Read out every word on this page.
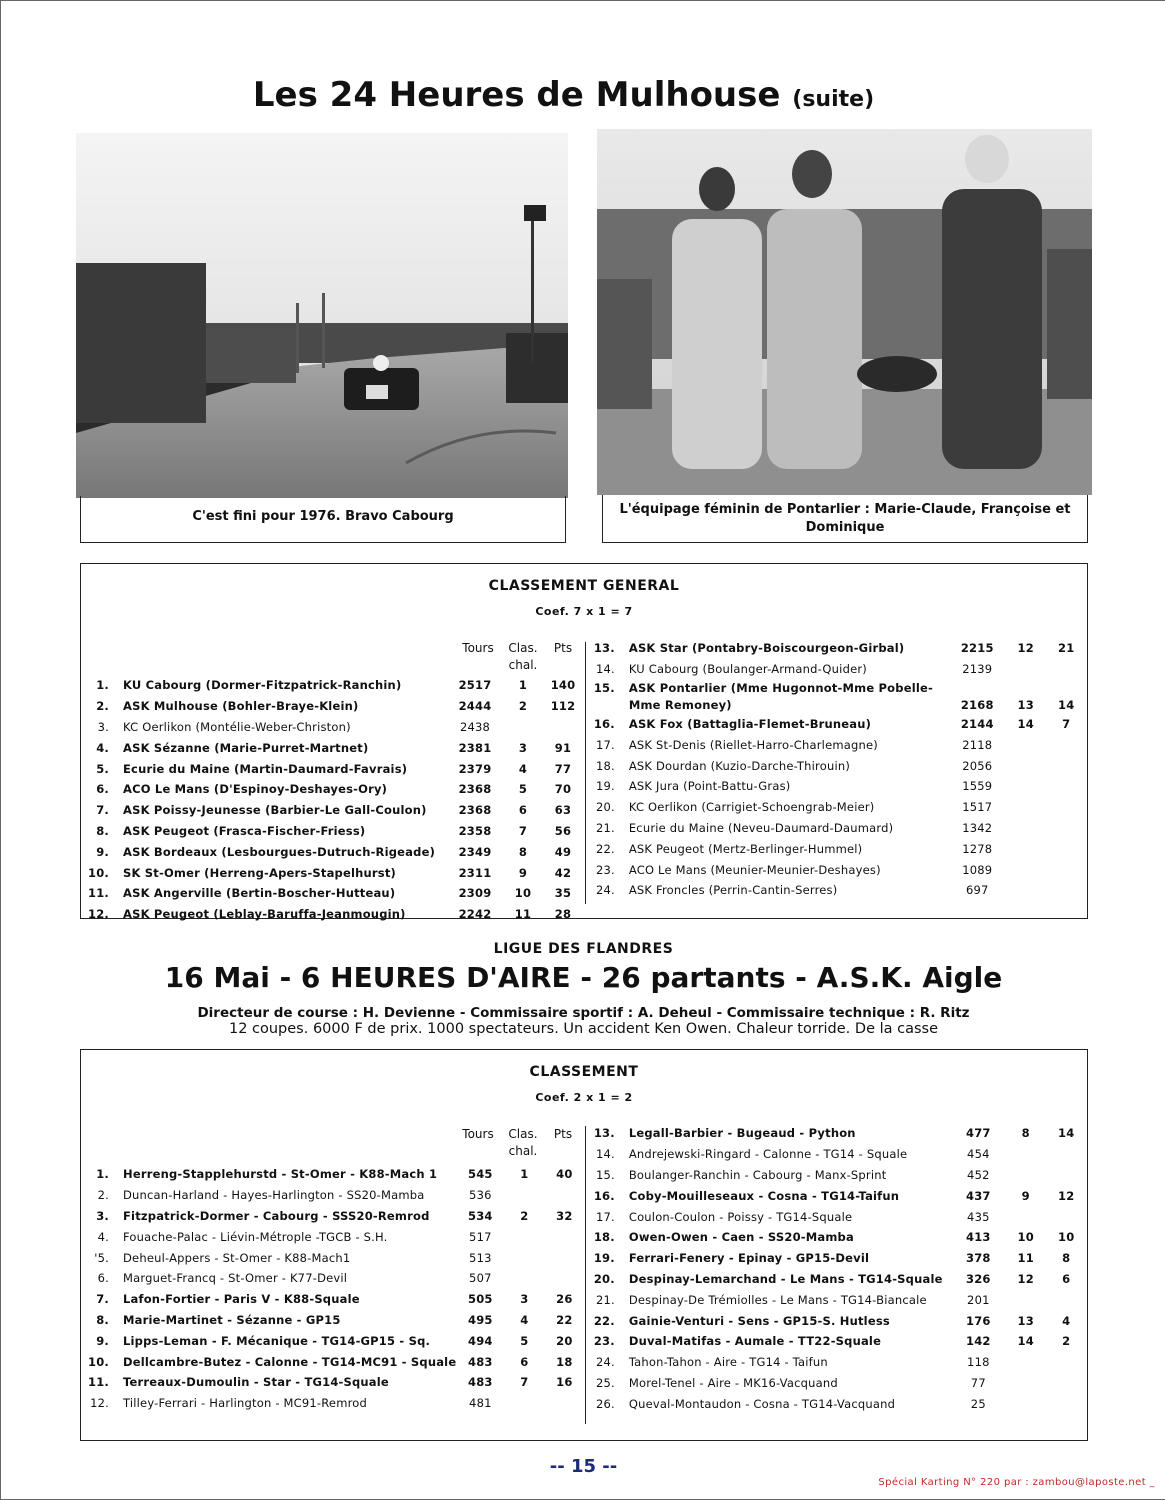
Les 24 Heures de Mulhouse (suite)
C'est fini pour 1976. Bravo Cabourg	L'équipage féminin de Pontarlier : Marie-Claude, Françoise et Dominique
CLASSEMENT GENERAL
Coef. 7 x 1 = 7
Tours	Clas. chal.
Pts
1.	KU Cabourg (Dormer-Fitzpatrick-Ranchin)	2517	1	140
2.	ASK Mulhouse (Bohler-Braye-Klein)	2444	2	112
3.	KC Oerlikon (Montélie-Weber-Christon)	2438		
4.	ASK Sézanne (Marie-Purret-Martnet)	2381	3	91
5.	Ecurie du Maine (Martin-Daumard-Favrais)	2379	4	77
6.	ACO Le Mans (D'Espinoy-Deshayes-Ory)	2368	5	70
7.	ASK Poissy-Jeunesse (Barbier-Le Gall-Coulon)	2368	6	63
8.	ASK Peugeot (Frasca-Fischer-Friess)	2358	7	56
9.	ASK Bordeaux (Lesbourgues-Dutruch-Rigeade)	2349	8	49
10.	SK St-Omer (Herreng-Apers-Stapelhurst)	2311	9	42
11.	ASK Angerville (Bertin-Boscher-Hutteau)	2309	10	35
12.	ASK Peugeot (Leblay-Baruffa-Jeanmougin)	2242	11	28
13.	ASK Star (Pontabry-Boiscourgeon-Girbal)	2215	12	21
14.	KU Cabourg (Boulanger-Armand-Quider)	2139		
15.	ASK Pontarlier (Mme Hugonnot-Mme Pobelle-			
	Mme Remoney)	2168	13	14
16.	ASK Fox (Battaglia-Flemet-Bruneau)	2144	14	7
17.	ASK St-Denis (Riellet-Harro-Charlemagne)	2118		
18.	ASK Dourdan (Kuzio-Darche-Thirouin)	2056		
19.	ASK Jura (Point-Battu-Gras)	1559		
20.	KC Oerlikon (Carrigiet-Schoengrab-Meier)	1517		
21.	Ecurie du Maine (Neveu-Daumard-Daumard)	1342		
22.	ASK Peugeot (Mertz-Berlinger-Hummel)	1278		
23.	ACO Le Mans (Meunier-Meunier-Deshayes)	1089		
24.	ASK Froncles (Perrin-Cantin-Serres)	697		
LIGUE DES FLANDRES
16 Mai - 6 HEURES D'AIRE - 26 partants - A.S.K. Aigle
Directeur de course : H. Devienne - Commissaire sportif : A. Deheul - Commissaire technique : R. Ritz
12 coupes. 6000 F de prix. 1000 spectateurs. Un accident Ken Owen. Chaleur torride. De la casse
CLASSEMENT
Coef. 2 x 1 = 2
Tours	Clas. chal.
Pts
1.	Herreng-Stapplehurstd - St-Omer - K88-Mach 1	545	1	40
2.	Duncan-Harland - Hayes-Harlington - SS20-Mamba	536		
3.	Fitzpatrick-Dormer - Cabourg - SSS20-Remrod	534	2	32
4.	Fouache-Palac - Liévin-Métrople -TGCB - S.H.	517		
'5.	Deheul-Appers - St-Omer - K88-Mach1	513		
6.	Marguet-Francq - St-Omer - K77-Devil	507		
7.	Lafon-Fortier - Paris V - K88-Squale	505	3	26
8.	Marie-Martinet - Sézanne - GP15	495	4	22
9.	Lipps-Leman - F. Mécanique - TG14-GP15 - Sq.	494	5	20
10.	Dellcambre-Butez - Calonne - TG14-MC91 - Squale	483	6	18
11.	Terreaux-Dumoulin - Star - TG14-Squale	483	7	16
12.	Tilley-Ferrari - Harlington - MC91-Remrod	481		
13.	Legall-Barbier - Bugeaud - Python	477	8	14
14.	Andrejewski-Ringard - Calonne - TG14 - Squale	454		
15.	Boulanger-Ranchin - Cabourg - Manx-Sprint	452		
16.	Coby-Mouilleseaux - Cosna - TG14-Taifun	437	9	12
17.	Coulon-Coulon - Poissy - TG14-Squale	435		
18.	Owen-Owen - Caen - SS20-Mamba	413	10	10
19.	Ferrari-Fenery - Epinay - GP15-Devil	378	11	8
20.	Despinay-Lemarchand - Le Mans - TG14-Squale	326	12	6
21.	Despinay-De Trémiolles - Le Mans - TG14-Biancale	201		
22.	Gainie-Venturi - Sens - GP15-S. Hutless	176	13	4
23.	Duval-Matifas - Aumale - TT22-Squale	142	14	2
24.	Tahon-Tahon - Aire - TG14 - Taifun	118		
25.	Morel-Tenel - Aire - MK16-Vacquand	77		
26.	Queval-Montaudon - Cosna - TG14-Vacquand	25		
-- 15 --
Spécial Karting N° 220 par : zambou@laposte.net _
